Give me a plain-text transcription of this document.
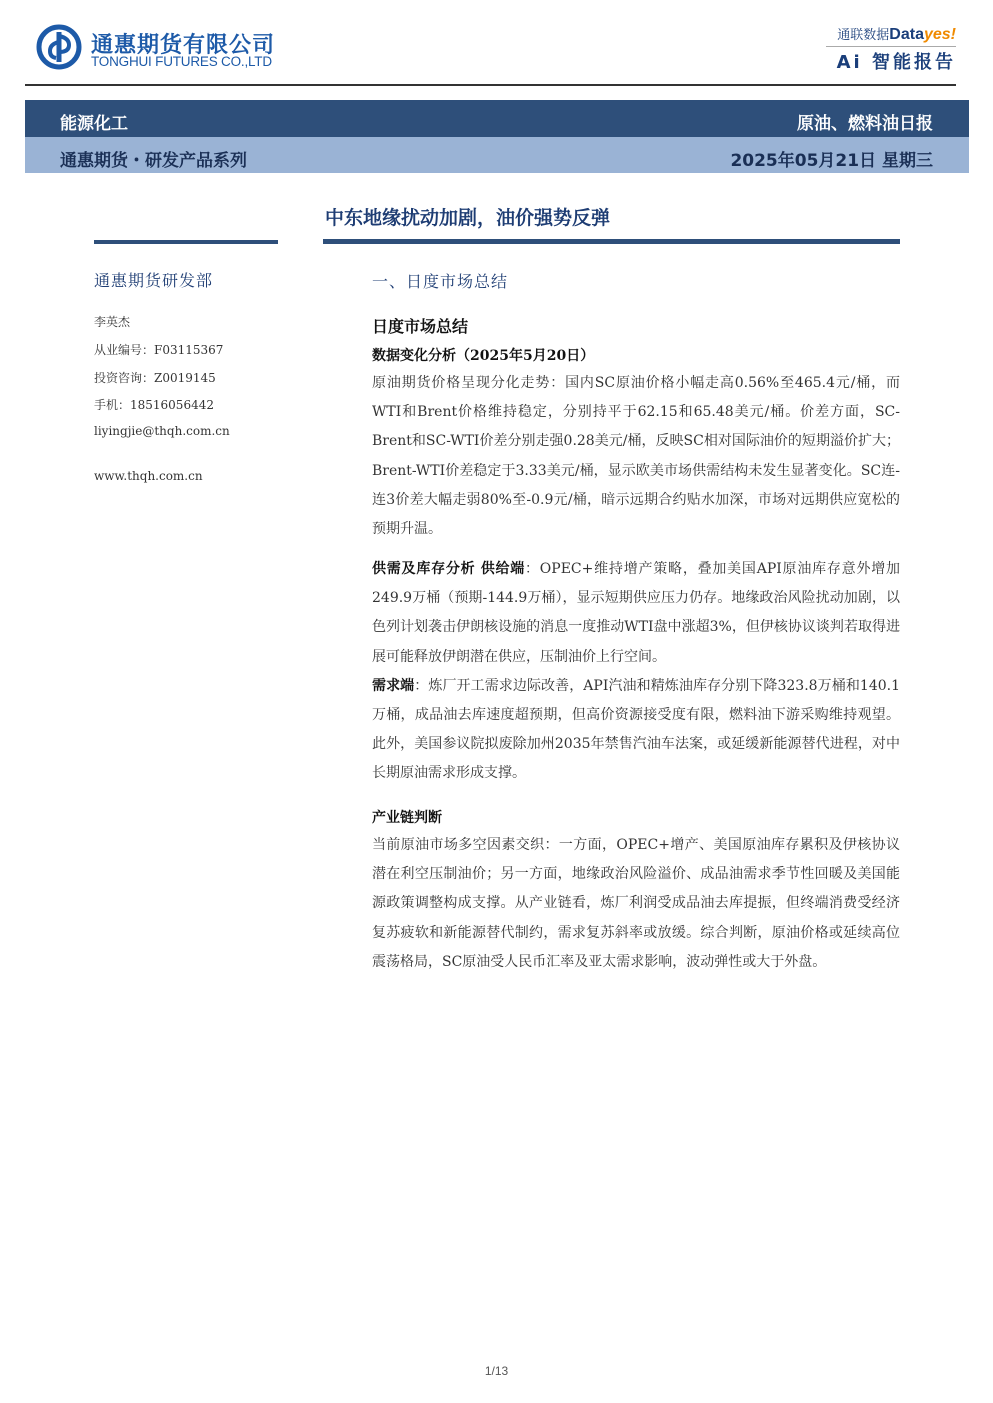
通惠期货有限公司
TONGHUI FUTURES CO.,LTD
通联数据Datayes!
Ai 智能报告
能源化工	原油、燃料油日报
通惠期货・研发产品系列	2025年05月21日 星期三
中东地缘扰动加剧，油价强势反弹
通惠期货研发部
李英杰
从业编号：F03115367
投资咨询：Z0019145
手机：18516056442
liyingjie@thqh.com.cn
www.thqh.com.cn
一、日度市场总结
日度市场总结
数据变化分析（2025年5月20日）

原油期货价格呈现分化走势：国内SC原油价格小幅走高0.56%至465.4元/桶，而WTI和Brent价格维持稳定，分别持平于62.15和65.48美元/桶。价差方面，SC-Brent和SC-WTI价差分别走强0.28美元/桶，反映SC相对国际油价的短期溢价扩大；Brent-WTI价差稳定于3.33美元/桶，显示欧美市场供需结构未发生显著变化。SC连-连3价差大幅走弱80%至-0.9元/桶，暗示远期合约贴水加深，市场对远期供应宽松的预期升温。

供需及库存分析 供给端：OPEC+维持增产策略，叠加美国API原油库存意外增加249.9万桶（预期-144.9万桶），显示短期供应压力仍存。地缘政治风险扰动加剧，以色列计划袭击伊朗核设施的消息一度推动WTI盘中涨超3%，但伊核协议谈判若取得进展可能释放伊朗潜在供应，压制油价上行空间。
需求端：炼厂开工需求边际改善，API汽油和精炼油库存分别下降323.8万桶和140.1万桶，成品油去库速度超预期，但高价资源接受度有限，燃料油下游采购维持观望。此外，美国参议院拟废除加州2035年禁售汽油车法案，或延缓新能源替代进程，对中长期原油需求形成支撑。

产业链判断

当前原油市场多空因素交织：一方面，OPEC+增产、美国原油库存累积及伊核协议潜在利空压制油价；另一方面，地缘政治风险溢价、成品油需求季节性回暖及美国能源政策调整构成支撑。从产业链看，炼厂利润受成品油去库提振，但终端消费受经济复苏疲软和新能源替代制约，需求复苏斜率或放缓。综合判断，原油价格或延续高位震荡格局，SC原油受人民币汇率及亚太需求影响，波动弹性或大于外盘。

1/13
